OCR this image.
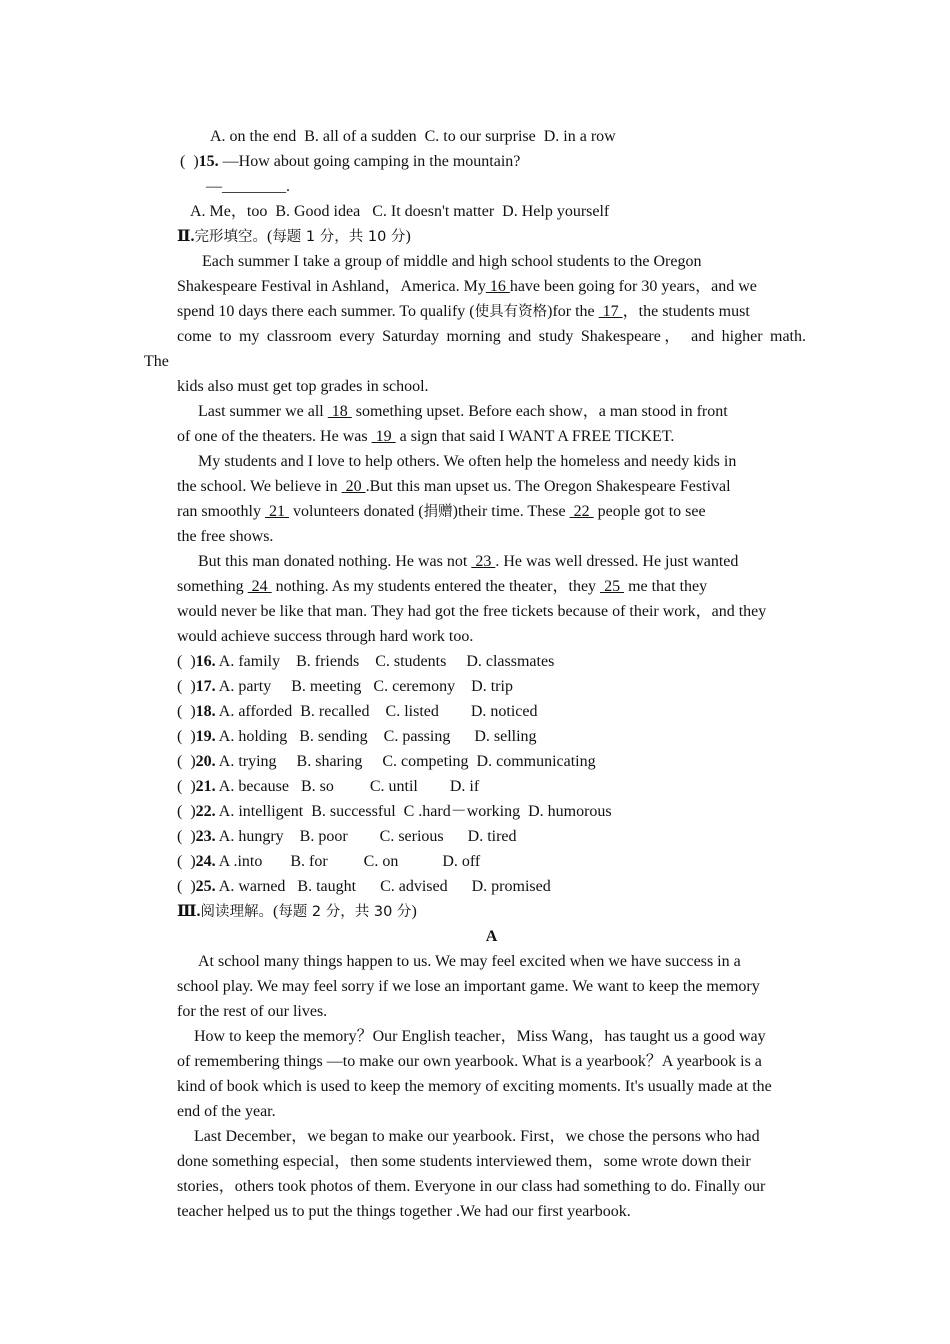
A. on the end  B. all of a sudden  C. to our surprise  D. in a row
(  )15. —How about going camping in the mountain?
—________.
A. Me，too  B. Good idea   C. It doesn't matter  D. Help yourself
Ⅱ.完形填空。(每题 1 分，共 10 分)
Each summer I take a group of middle and high school students to the Oregon
Shakespeare Festival in Ashland，America. My 16 have been going for 30 years，and we
spend 10 days there each summer. To qualify (使具有资格)for the  17 ，the students must
come to my classroom every Saturday morning and study Shakespeare， and higher math.
The
kids also must get top grades in school.
Last summer we all  18  something upset. Before each show，a man stood in front
of one of the theaters. He was  19  a sign that said I WANT A FREE TICKET.
My students and I love to help others. We often help the homeless and needy kids in
the school. We believe in  20 .But this man upset us. The Oregon Shakespeare Festival
ran smoothly  21  volunteers donated (捐赠)their time. These  22  people got to see
the free shows.
But this man donated nothing. He was not  23 . He was well dressed. He just wanted
something  24  nothing. As my students entered the theater，they  25  me that they
would never be like that man. They had got the free tickets because of their work，and they
would achieve success through hard work too.
(  )16. A. family    B. friends    C. students     D. classmates
(  )17. A. party     B. meeting   C. ceremony    D. trip
(  )18. A. afforded  B. recalled    C. listed        D. noticed
(  )19. A. holding   B. sending    C. passing      D. selling
(  )20. A. trying     B. sharing     C. competing  D. communicating
(  )21. A. because   B. so         C. until        D. if
(  )22. A. intelligent  B. successful  C .hard－working  D. humorous
(  )23. A. hungry    B. poor        C. serious      D. tired
(  )24. A .into       B. for         C. on           D. off
(  )25. A. warned   B. taught      C. advised      D. promised
Ⅲ.阅读理解。(每题 2 分，共 30 分)
A
At school many things happen to us. We may feel excited when we have success in a
school play. We may feel sorry if we lose an important game. We want to keep the memory
for the rest of our lives.
How to keep the memory？Our English teacher，Miss Wang，has taught us a good way
of remembering things —to make our own yearbook. What is a yearbook？A yearbook is a
kind of book which is used to keep the memory of exciting moments. It's usually made at the
end of the year.
Last December，we began to make our yearbook. First，we chose the persons who had
done something especial，then some students interviewed them，some wrote down their
stories，others took photos of them. Everyone in our class had something to do. Finally our
teacher helped us to put the things together .We had our first yearbook.
